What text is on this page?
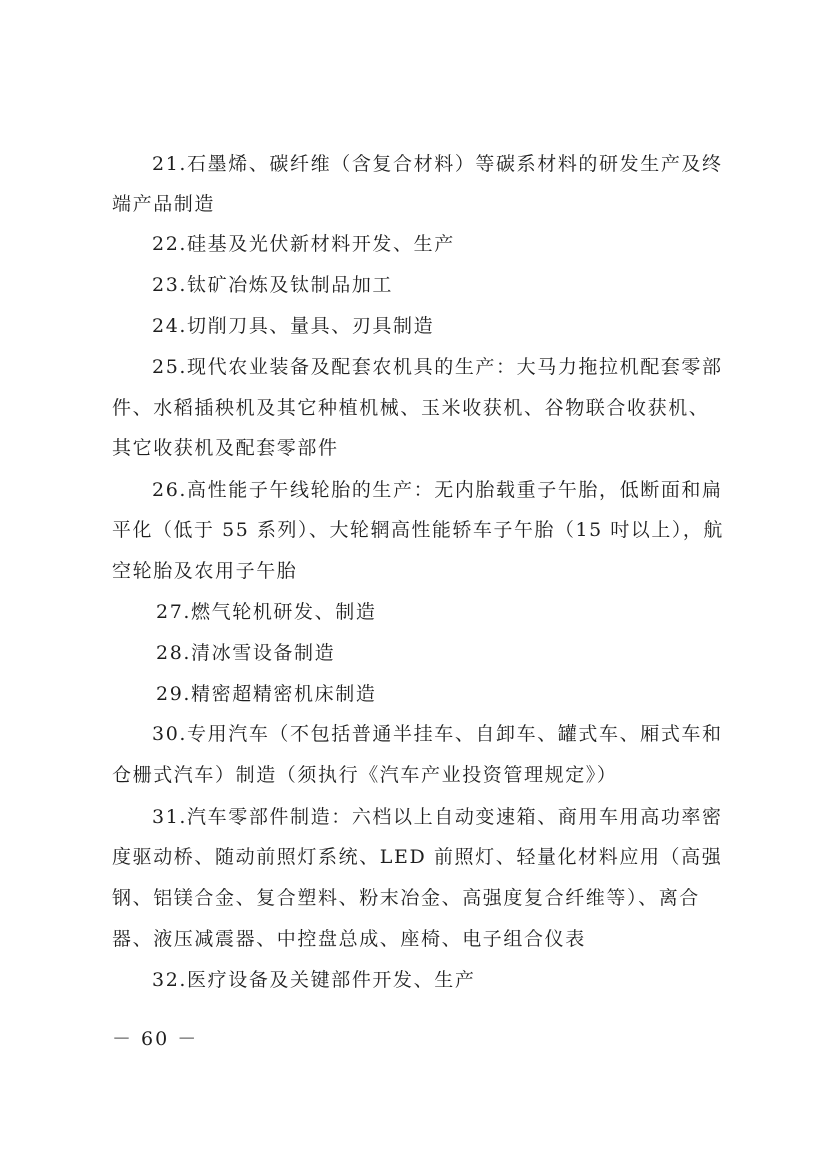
21.石墨烯、碳纤维（含复合材料）等碳系材料的研发生产及终
端产品制造
22.硅基及光伏新材料开发、生产
23.钛矿冶炼及钛制品加工
24.切削刀具、量具、刃具制造
25.现代农业装备及配套农机具的生产：大马力拖拉机配套零部
件、水稻插秧机及其它种植机械、玉米收获机、谷物联合收获机、
其它收获机及配套零部件
26.高性能子午线轮胎的生产：无内胎载重子午胎，低断面和扁
平化（低于 55 系列）、大轮辋高性能轿车子午胎（15 吋以上），航
空轮胎及农用子午胎
27.燃气轮机研发、制造
28.清冰雪设备制造
29.精密超精密机床制造
30.专用汽车（不包括普通半挂车、自卸车、罐式车、厢式车和
仓栅式汽车）制造（须执行《汽车产业投资管理规定》）
31.汽车零部件制造：六档以上自动变速箱、商用车用高功率密
度驱动桥、随动前照灯系统、LED 前照灯、轻量化材料应用（高强
钢、铝镁合金、复合塑料、粉末冶金、高强度复合纤维等）、离合
器、液压减震器、中控盘总成、座椅、电子组合仪表
32.医疗设备及关键部件开发、生产
－ 60 －
